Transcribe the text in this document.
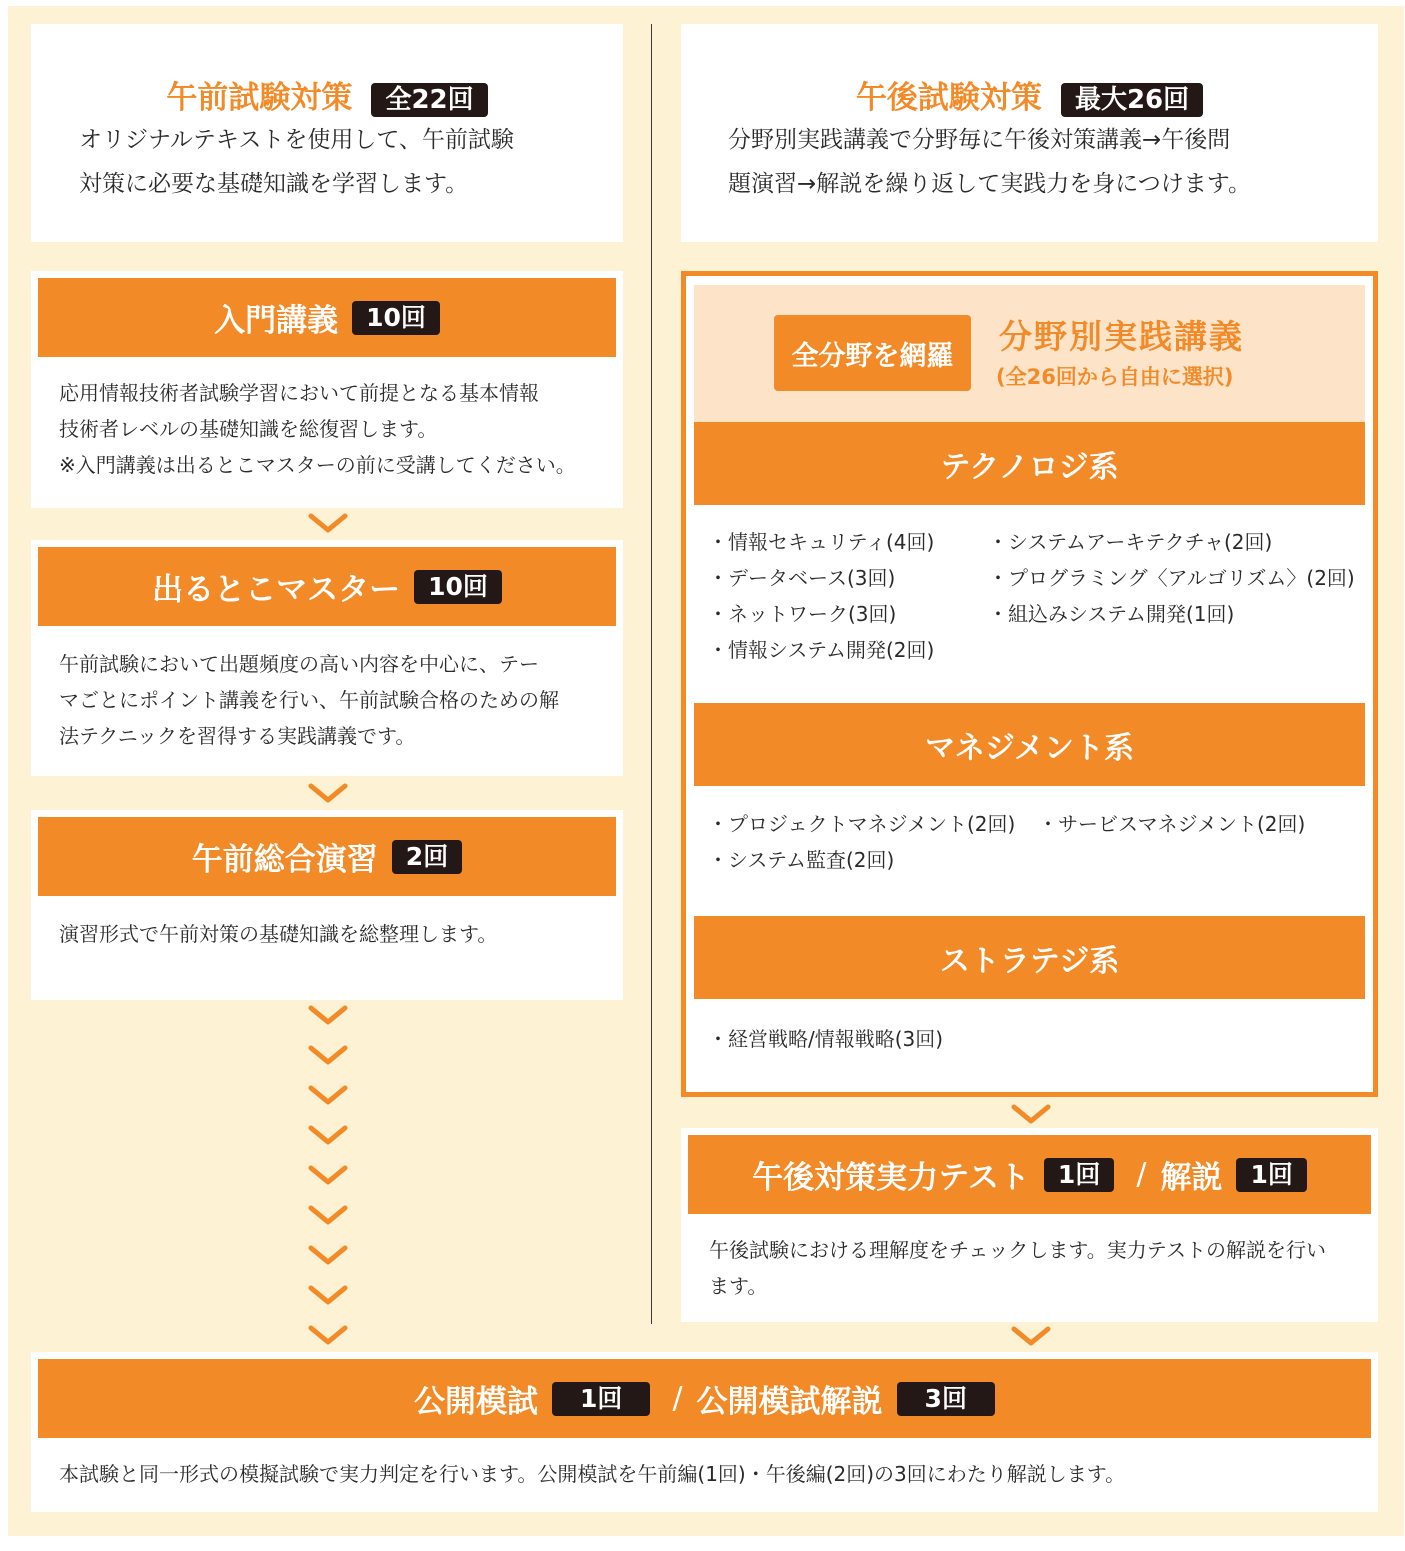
午前試験対策 全22回
オリジナルテキストを使用して、午前試験
対策に必要な基礎知識を学習します。
午後試験対策 最大26回
分野別実践講義で分野毎に午後対策講義→午後問
題演習→解説を繰り返して実践力を身につけます。
入門講義	10回
応用情報技術者試験学習において前提となる基本情報
技術者レベルの基礎知識を総復習します。
※入門講義は出るとこマスターの前に受講してください。
出るとこマスター	10回
午前試験において出題頻度の高い内容を中心に、テー
マごとにポイント講義を行い、午前試験合格のための解
法テクニックを習得する実践講義です。
午前総合演習	2回
演習形式で午前対策の基礎知識を総整理します。
全分野を網羅	分野別実践講義
(全26回から自由に選択)
テクノロジ系
・情報セキュリティ(4回)
・データベース(3回)
・ネットワーク(3回)
・情報システム開発(2回)
・システムアーキテクチャ(2回)
・プログラミング〈アルゴリズム〉(2回)
・組込みシステム開発(1回)
マネジメント系
・プロジェクトマネジメント(2回)
・システム監査(2回)
・サービスマネジメント(2回)
ストラテジ系
・経営戦略/情報戦略(3回)
午後対策実力テスト	1回	/ 解説	1回
午後試験における理解度をチェックします。実力テストの解説を行い
ます。
公開模試	1回	/ 公開模試解説	3回
本試験と同一形式の模擬試験で実力判定を行います。公開模試を午前編(1回)・午後編(2回)の3回にわたり解説します。
